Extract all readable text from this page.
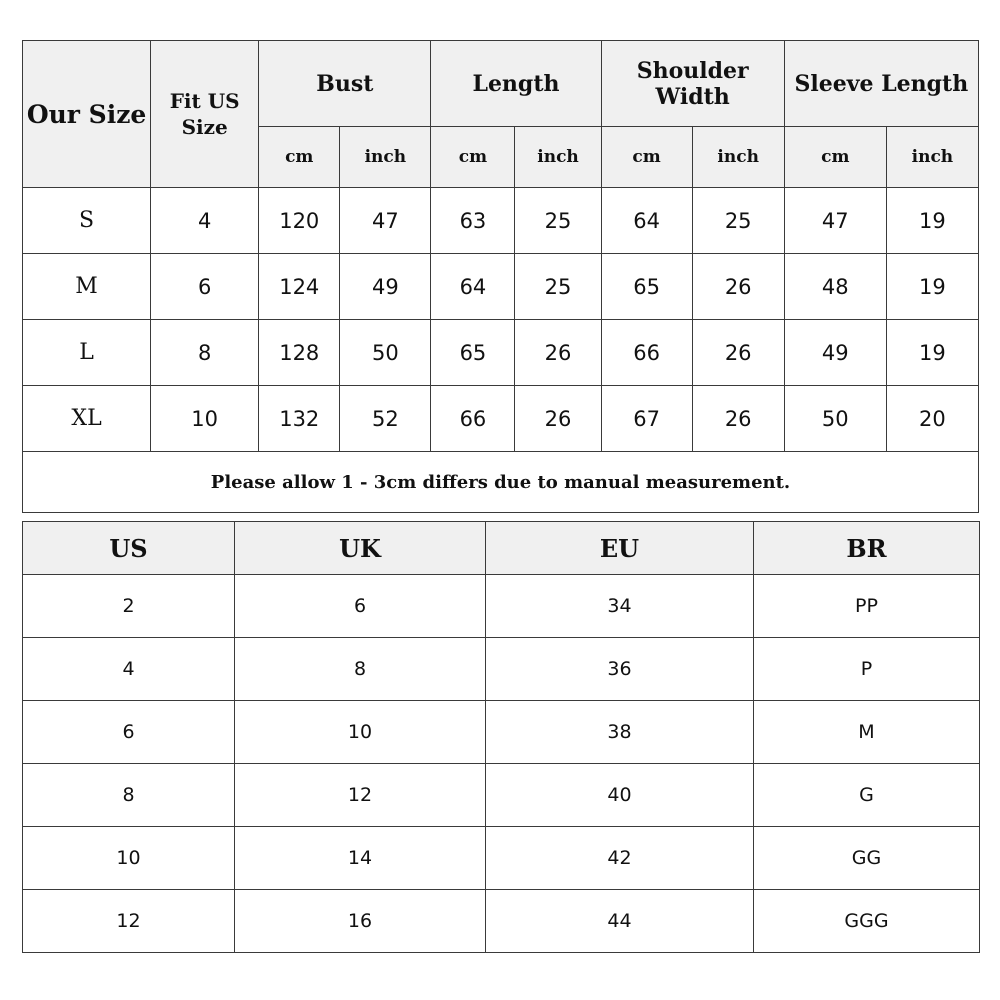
Our Size	Fit US Size	Bust		Length		Shoulder Width		Sleeve Length	
		cm	inch	cm	inch	cm	inch	cm	inch
S	4	120	47	63	25	64	25	47	19
M	6	124	49	64	25	65	26	48	19
L	8	128	50	65	26	66	26	49	19
XL	10	132	52	66	26	67	26	50	20
Please allow 1 - 3cm differs due to manual measurement.									
US	UK	EU	BR
2	6	34	PP
4	8	36	P
6	10	38	M
8	12	40	G
10	14	42	GG
12	16	44	GGG
